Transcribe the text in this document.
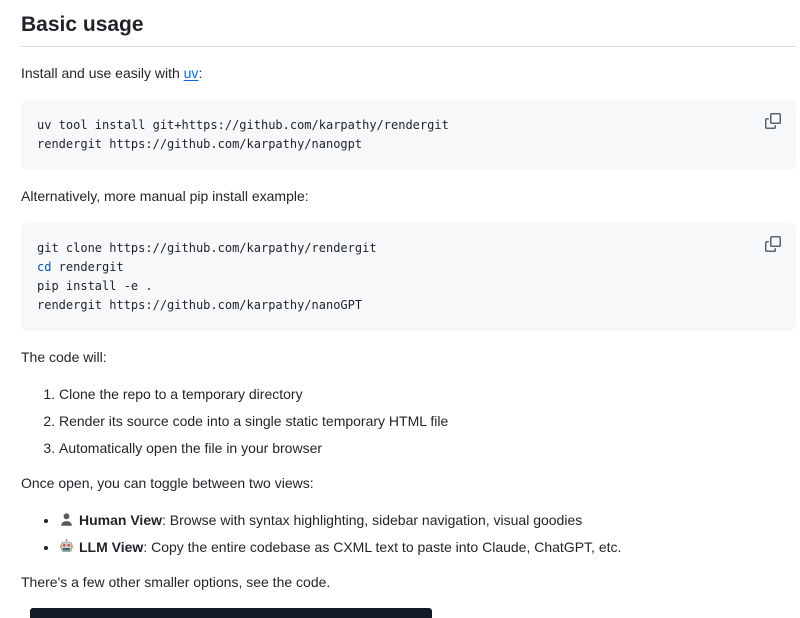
Basic usage

Install and use easily with uv:

uv tool install git+https://github.com/karpathy/rendergit
rendergit https://github.com/karpathy/nanogpt

Alternatively, more manual pip install example:

git clone https://github.com/karpathy/rendergit
cd rendergit
pip install -e .
rendergit https://github.com/karpathy/nanoGPT

The code will:

1. Clone the repo to a temporary directory
2. Render its source code into a single static temporary HTML file
3. Automatically open the file in your browser

Once open, you can toggle between two views:

• Human View: Browse with syntax highlighting, sidebar navigation, visual goodies
• LLM View: Copy the entire codebase as CXML text to paste into Claude, ChatGPT, etc.

There's a few other smaller options, see the code.
